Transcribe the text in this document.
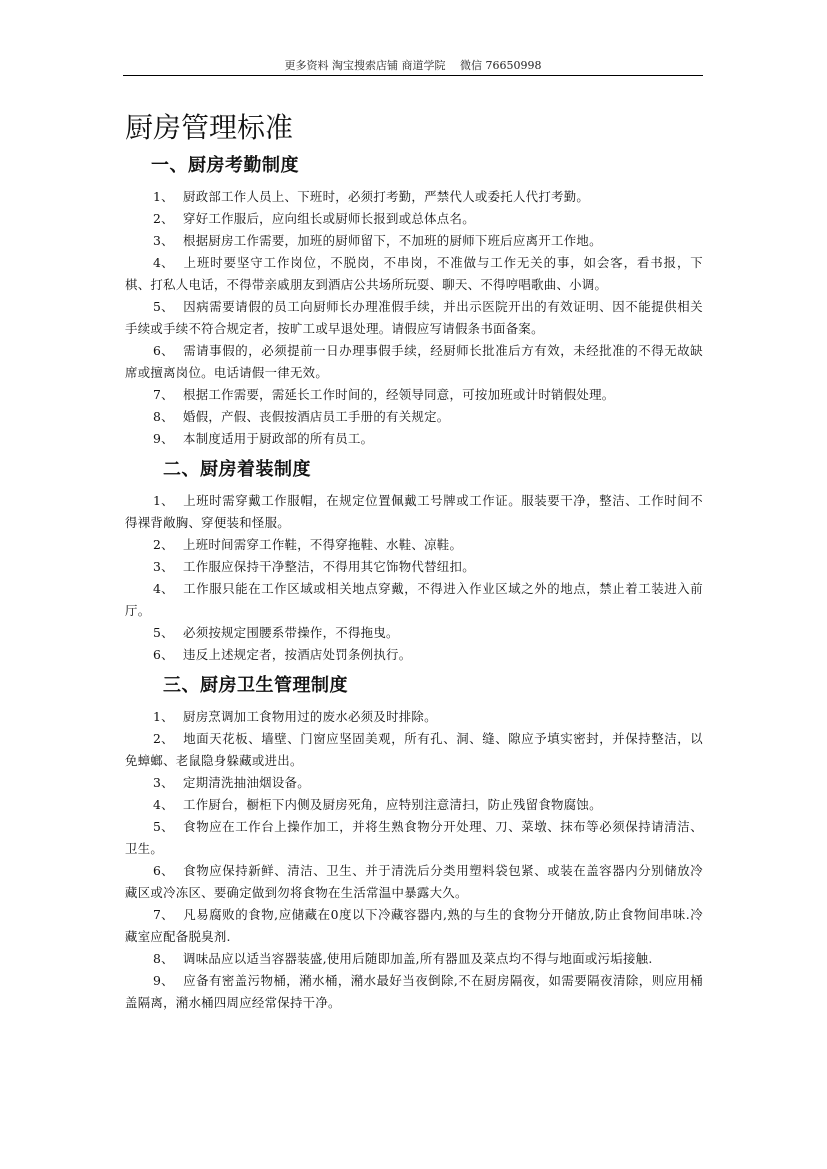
更多资料 淘宝搜索店铺 商道学院　 微信 76650998
厨房管理标准
一、厨房考勤制度

1、 厨政部工作人员上、下班时，必须打考勤，严禁代人或委托人代打考勤。

2、 穿好工作服后，应向组长或厨师长报到或总体点名。

3、 根据厨房工作需要，加班的厨师留下，不加班的厨师下班后应离开工作地。

4、 上班时要坚守工作岗位，不脱岗，不串岗，不准做与工作无关的事，如会客，看书报，下棋、打私人电话，不得带亲戚朋友到酒店公共场所玩耍、聊天、不得哼唱歌曲、小调。

5、 因病需要请假的员工向厨师长办理准假手续，并出示医院开出的有效证明、因不能提供相关手续或手续不符合规定者，按旷工或早退处理。请假应写请假条书面备案。

6、 需请事假的，必须提前一日办理事假手续，经厨师长批准后方有效，未经批准的不得无故缺席或擅离岗位。电话请假一律无效。

7、 根据工作需要，需延长工作时间的，经领导同意，可按加班或计时销假处理。

8、 婚假，产假、丧假按酒店员工手册的有关规定。

9、 本制度适用于厨政部的所有员工。

二、厨房着装制度

1、 上班时需穿戴工作服帽，在规定位置佩戴工号牌或工作证。服装要干净，整洁、工作时间不得裸背敞胸、穿便装和怪服。

2、 上班时间需穿工作鞋，不得穿拖鞋、水鞋、凉鞋。

3、 工作服应保持干净整洁，不得用其它饰物代替纽扣。

4、 工作服只能在工作区域或相关地点穿戴，不得进入作业区域之外的地点，禁止着工装进入前厅。

5、 必须按规定围腰系带操作，不得拖曳。

6、 违反上述规定者，按酒店处罚条例执行。

三、厨房卫生管理制度

1、 厨房烹调加工食物用过的废水必须及时排除。

2、 地面天花板、墙壁、门窗应坚固美观，所有孔、洞、缝、隙应予填实密封，并保持整洁，以免蟑螂、老鼠隐身躲藏或进出。

3、 定期清洗抽油烟设备。

4、 工作厨台，橱柜下内侧及厨房死角，应特别注意清扫，防止残留食物腐蚀。

5、 食物应在工作台上操作加工，并将生熟食物分开处理、刀、菜墩、抹布等必须保持请清洁、卫生。

6、 食物应保持新鲜、清洁、卫生、并于清洗后分类用塑料袋包紧、或装在盖容器内分别储放冷藏区或冷冻区、要确定做到勿将食物在生活常温中暴露大久。

7、 凡易腐败的食物,应储藏在0度以下冷藏容器内,熟的与生的食物分开储放,防止食物间串味.冷藏室应配备脱臭剂.

8、 调味品应以适当容器装盛,使用后随即加盖,所有器皿及菜点均不得与地面或污垢接触.

9、 应备有密盖污物桶，潲水桶，潲水最好当夜倒除,不在厨房隔夜，如需要隔夜清除，则应用桶盖隔离，潲水桶四周应经常保持干净。
